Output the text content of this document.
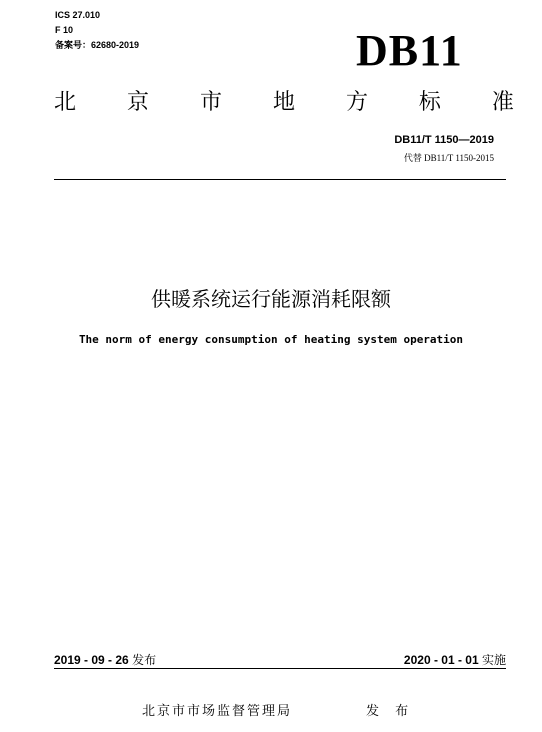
ICS 27.010
F 10
备案号：62680-2019	DB11
北 京 市 地 方 标 准
DB11/T 1150—2019
代替 DB11/T 1150-2015
供暖系统运行能源消耗限额
The norm of energy consumption of heating system operation
2019 - 09 - 26 发布	2020 - 01 - 01 实施
北京市市场监督管理局	发 布
